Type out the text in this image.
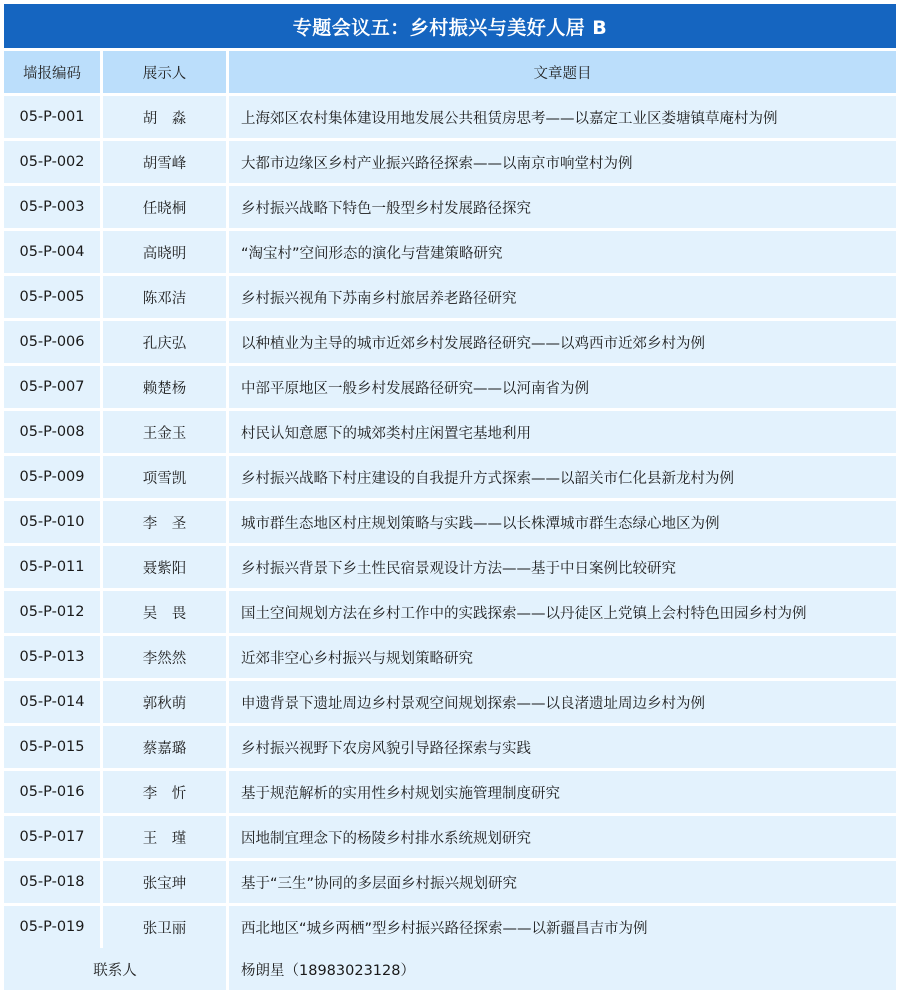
专题会议五：乡村振兴与美好人居 B
墙报编码	展示人	文章题目
05-P-001	胡　淼	上海郊区农村集体建设用地发展公共租赁房思考——以嘉定工业区娄塘镇草庵村为例
05-P-002	胡雪峰	大都市边缘区乡村产业振兴路径探索——以南京市响堂村为例
05-P-003	任晓桐	乡村振兴战略下特色一般型乡村发展路径探究
05-P-004	高晓明	“淘宝村”空间形态的演化与营建策略研究
05-P-005	陈邓洁	乡村振兴视角下苏南乡村旅居养老路径研究
05-P-006	孔庆弘	以种植业为主导的城市近郊乡村发展路径研究——以鸡西市近郊乡村为例
05-P-007	赖楚杨	中部平原地区一般乡村发展路径研究——以河南省为例
05-P-008	王金玉	村民认知意愿下的城郊类村庄闲置宅基地利用
05-P-009	项雪凯	乡村振兴战略下村庄建设的自我提升方式探索——以韶关市仁化县新龙村为例
05-P-010	李　圣	城市群生态地区村庄规划策略与实践——以长株潭城市群生态绿心地区为例
05-P-011	聂紫阳	乡村振兴背景下乡土性民宿景观设计方法——基于中日案例比较研究
05-P-012	吴　畏	国土空间规划方法在乡村工作中的实践探索——以丹徒区上党镇上会村特色田园乡村为例
05-P-013	李然然	近郊非空心乡村振兴与规划策略研究
05-P-014	郭秋萌	申遗背景下遗址周边乡村景观空间规划探索——以良渚遗址周边乡村为例
05-P-015	蔡嘉璐	乡村振兴视野下农房风貌引导路径探索与实践
05-P-016	李　忻	基于规范解析的实用性乡村规划实施管理制度研究
05-P-017	王　瑾	因地制宜理念下的杨陵乡村排水系统规划研究
05-P-018	张宝珅	基于“三生”协同的多层面乡村振兴规划研究
05-P-019	张卫丽	西北地区“城乡两栖”型乡村振兴路径探索——以新疆昌吉市为例
联系人	杨朗星（18983023128）
